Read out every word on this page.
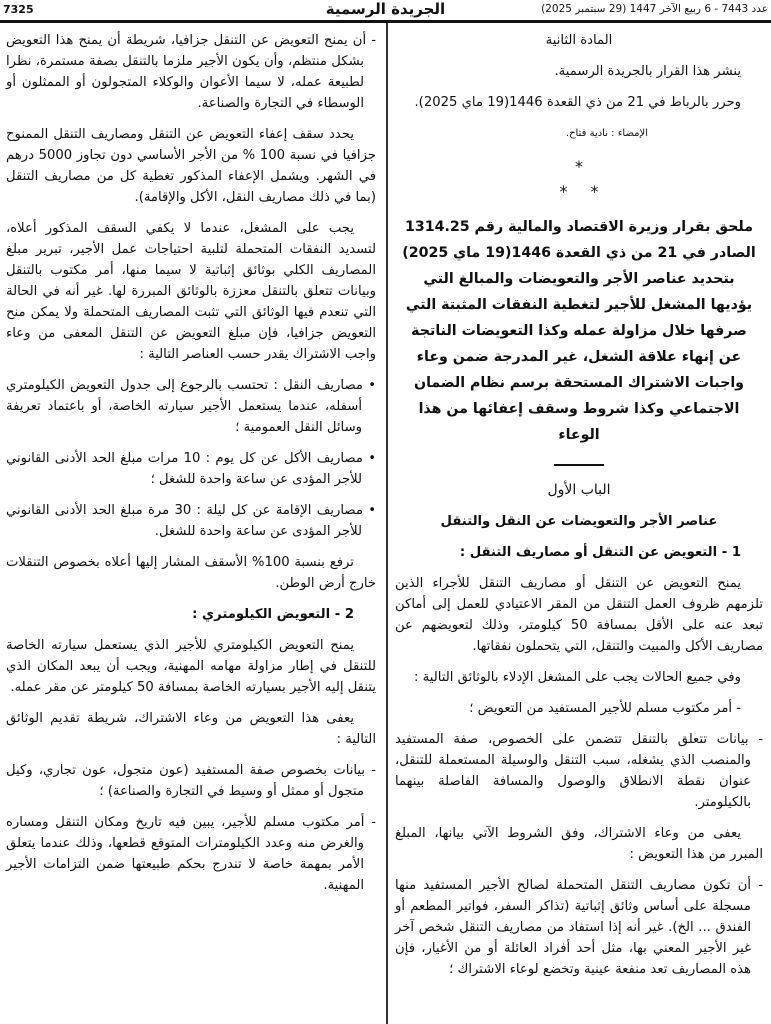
7325	الجريدة الرسمية	عدد 7443 - 6 ربيع الآخر 1447 (29 سبتمبر 2025)

المادة الثانية

ينشر هذا القرار بالجريدة الرسمية.

وحرر بالرباط في 21 من ذي القعدة 1446(19 ماي 2025).

الإمضاء : نادية فتاح.

*
* *
ملحق بقرار وزيرة الاقتصاد والمالية رقم 1314.25 الصادر في 21 من ذي القعدة 1446(19 ماي 2025) بتحديد عناصر الأجر والتعويضات والمبالغ التي يؤديها المشغل للأجير لتغطية النفقات المثبتة التي صرفها خلال مزاولة عمله وكذا التعويضات الناتجة عن إنهاء علاقة الشغل، غير المدرجة ضمن وعاء واجبات الاشتراك المستحقة برسم نظام الضمان الاجتماعي وكذا شروط وسقف إعفائها من هذا الوعاء

الباب الأول

عناصر الأجر والتعويضات عن النقل والتنقل

1 - التعويض عن التنقل أو مصاريف التنقل :

يمنح التعويض عن التنقل أو مصاريف التنقل للأجراء الذين تلزمهم ظروف العمل التنقل من المقر الاعتيادي للعمل إلى أماكن تبعد عنه على الأقل بمسافة 50 كيلومتر، وذلك لتعويضهم عن مصاريف الأكل والمبيت والتنقل، التي يتحملون نفقاتها.

وفي جميع الحالات يجب على المشغل الإدلاء بالوثائق التالية :

- أمر مكتوب مسلم للأجير المستفيد من التعويض ؛

- بيانات تتعلق بالتنقل تتضمن على الخصوص، صفة المستفيد والمنصب الذي يشغله، سبب التنقل والوسيلة المستعملة للتنقل، عنوان نقطة الانطلاق والوصول والمسافة الفاصلة بينهما بالكيلومتر.

يعفى من وعاء الاشتراك، وفق الشروط الآتي بيانها، المبلغ المبرر من هذا التعويض :

- أن تكون مصاريف التنقل المتحملة لصالح الأجير المستفيد منها مسجلة على أساس وثائق إثباتية (تذاكر السفر، فواتير المطعم أو الفندق ... الخ). غير أنه إذا استفاد من مصاريف التنقل شخص آخر غير الأجير المعني بها، مثل أحد أفراد العائلة أو من الأغيار، فإن هذه المصاريف تعد منفعة عينية وتخضع لوعاء الاشتراك ؛

- أن يمنح التعويض عن التنقل جزافيا، شريطة أن يمنح هذا التعويض بشكل منتظم، وأن يكون الأجير ملزما بالتنقل بصفة مستمرة، نظرا لطبيعة عمله، لا سيما الأعوان والوكلاء المتجولون أو الممثلون أو الوسطاء في التجارة والصناعة.

يحدد سقف إعفاء التعويض عن التنقل ومصاريف التنقل الممنوح جزافيا في نسبة 100 % من الأجر الأساسي دون تجاوز 5000 درهم في الشهر. ويشمل الإعفاء المذكور تغطية كل من مصاريف التنقل (بما في ذلك مصاريف النقل، الأكل والإقامة).

يجب على المشغل، عندما لا يكفي السقف المذكور أعلاه، لتسديد النفقات المتحملة لتلبية احتياجات عمل الأجير، تبرير مبلغ المصاريف الكلي بوثائق إثباتية لا سيما منها، أمر مكتوب بالتنقل وبيانات تتعلق بالتنقل معززة بالوثائق المبررة لها. غير أنه في الحالة التي تنعدم فيها الوثائق التي تثبت المصاريف المتحملة ولا يمكن منح التعويض جزافيا، فإن مبلغ التعويض عن التنقل المعفى من وعاء واجب الاشتراك يقدر حسب العناصر التالية :

• مصاريف النقل : تحتسب بالرجوع إلى جدول التعويض الكيلومتري أسفله، عندما يستعمل الأجير سيارته الخاصة، أو باعتماد تعريفة وسائل النقل العمومية ؛

• مصاريف الأكل عن كل يوم : 10 مرات مبلغ الحد الأدنى القانوني للأجر المؤدى عن ساعة واحدة للشغل ؛

• مصاريف الإقامة عن كل ليلة : 30 مرة مبلغ الحد الأدنى القانوني للأجر المؤدى عن ساعة واحدة للشغل.

ترفع بنسبة 100% الأسقف المشار إليها أعلاه بخصوص التنقلات خارج أرض الوطن.

2 - التعويض الكيلومتري :

يمنح التعويض الكيلومتري للأجير الذي يستعمل سيارته الخاصة للتنقل في إطار مزاولة مهامه المهنية، ويجب أن يبعد المكان الذي يتنقل إليه الأجير بسيارته الخاصة بمسافة 50 كيلومتر عن مقر عمله.

يعفى هذا التعويض من وعاء الاشتراك، شريطة تقديم الوثائق التالية :

- بيانات بخصوص صفة المستفيد (عون متجول، عون تجاري، وكيل متجول أو ممثل أو وسيط في التجارة والصناعة) ؛

- أمر مكتوب مسلم للأجير، يبين فيه تاريخ ومكان التنقل ومساره والغرض منه وعدد الكيلومترات المتوقع قطعها، وذلك عندما يتعلق الأمر بمهمة خاصة لا تندرج بحكم طبيعتها ضمن التزامات الأجير المهنية.
